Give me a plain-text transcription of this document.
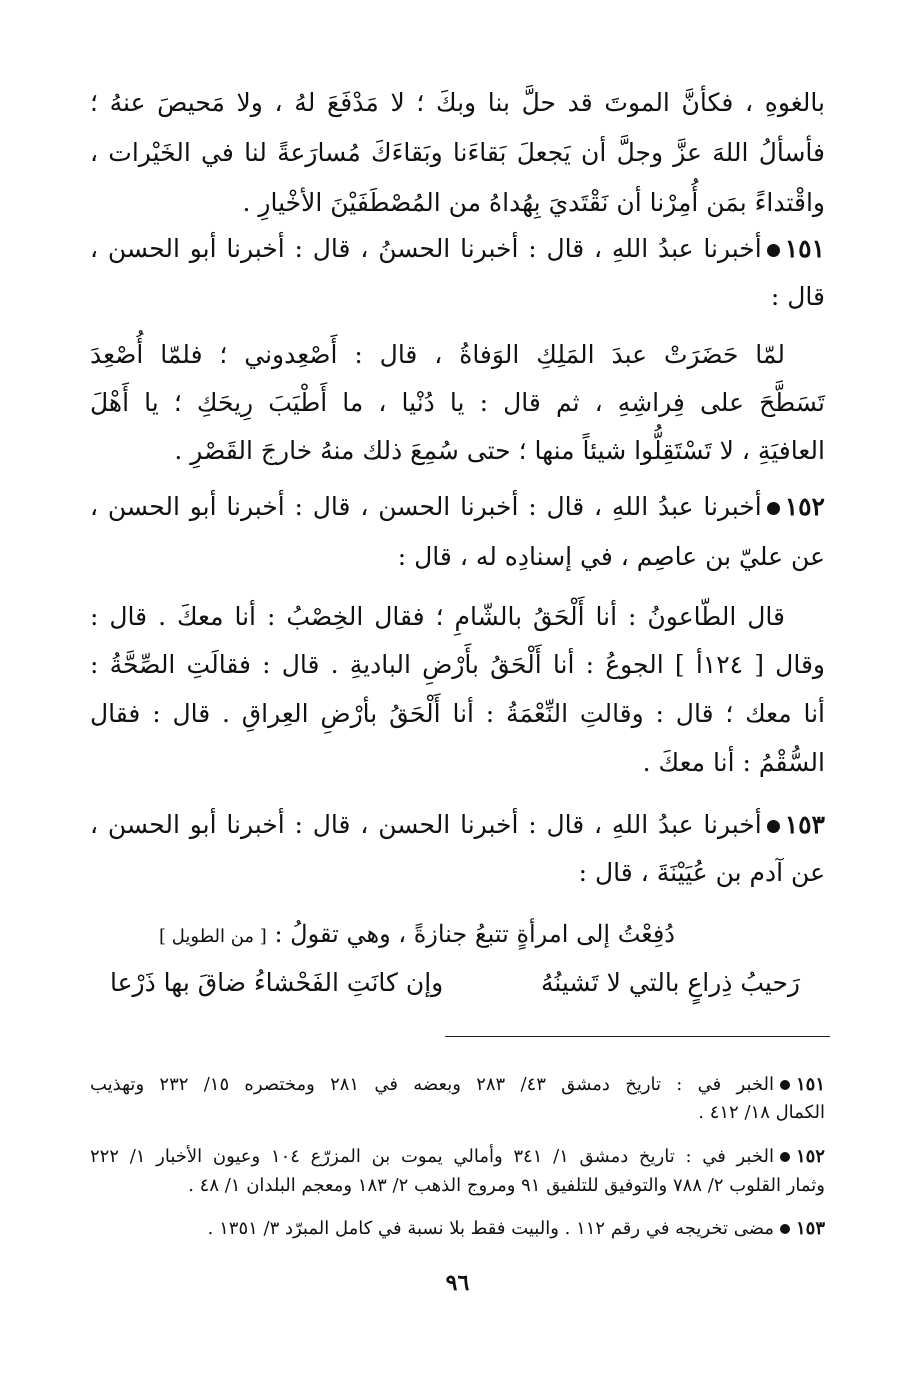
بالغوهِ ، فكأنَّ الموتَ قد حلَّ بنا وبكَ ؛ لا مَدْفَعَ لهُ ، ولا مَحيصَ عنهُ ؛
فأسألُ اللهَ عزَّ وجلَّ أن يَجعلَ بَقاءَنا وبَقاءَكَ مُسارَعةً لنا في الخَيْرات ،
واقْتداءً بمَن أُمِرْنا أن نَقْتَديَ بِهُداهُ من المُصْطَفَيْنَ الأخْيارِ .
١٥١أخبرنا عبدُ اللهِ ، قال : أخبرنا الحسنُ ، قال : أخبرنا أبو الحسن ،
قال :
لمّا حَضَرَتْ عبدَ المَلِكِ الوَفاةُ ، قال : أَصْعِدوني ؛ فلمّا أُصْعِدَ
تَسَطَّحَ على فِراشِهِ ، ثم قال : يا دُنْيا ، ما أَطْيَبَ رِيحَكِ ؛ يا أَهْلَ
العافيَةِ ، لا تَسْتَقِلُّوا شيئاً منها ؛ حتى سُمِعَ ذلك منهُ خارجَ القَصْرِ .
١٥٢أخبرنا عبدُ اللهِ ، قال : أخبرنا الحسن ، قال : أخبرنا أبو الحسن ،
عن عليّ بن عاصِم ، في إسنادِه له ، قال :
قال الطّاعونُ : أنا أَلْحَقُ بالشّامِ ؛ فقال الخِصْبُ : أنا معكَ . قال :
وقال [ ١٢٤أ ] الجوعُ : أنا أَلْحَقُ بأَرْضِ الباديةِ . قال : فقالَتِ الصِّحَّةُ :
أنا معك ؛ قال : وقالتِ النِّعْمَةُ : أنا أَلْحَقُ بأرْضِ العِراقِ . قال : فقال
السُّقْمُ : أنا معكَ .
١٥٣أخبرنا عبدُ اللهِ ، قال : أخبرنا الحسن ، قال : أخبرنا أبو الحسن ،
عن آدم بن عُيَيْنَةَ ، قال :
دُفِعْتُ إلى امرأةٍ تتبعُ جنازةً ، وهي تقولُ : [ من الطويل ]
رَحيبُ ذِراعٍ بالتي لا تَشينُهُ
وإن كانَتِ الفَحْشاءُ ضاقَ بها ذَرْعا
١٥١الخبر في : تاريخ دمشق ٤٣/ ٢٨٣ وبعضه في ٢٨١ ومختصره ١٥/ ٢٣٢ وتهذيب
الكمال ١٨/ ٤١٢ .
١٥٢الخبر في : تاريخ دمشق ١/ ٣٤١ وأمالي يموت بن المزرّع ١٠٤ وعيون الأخبار ١/ ٢٢٢
وثمار القلوب ٢/ ٧٨٨ والتوفيق للتلفيق ٩١ ومروج الذهب ٢/ ١٨٣ ومعجم البلدان ١/ ٤٨ .
١٥٣مضى تخريجه في رقم ١١٢ . والبيت فقط بلا نسبة في كامل المبرّد ٣/ ١٣٥١ .
٩٦
